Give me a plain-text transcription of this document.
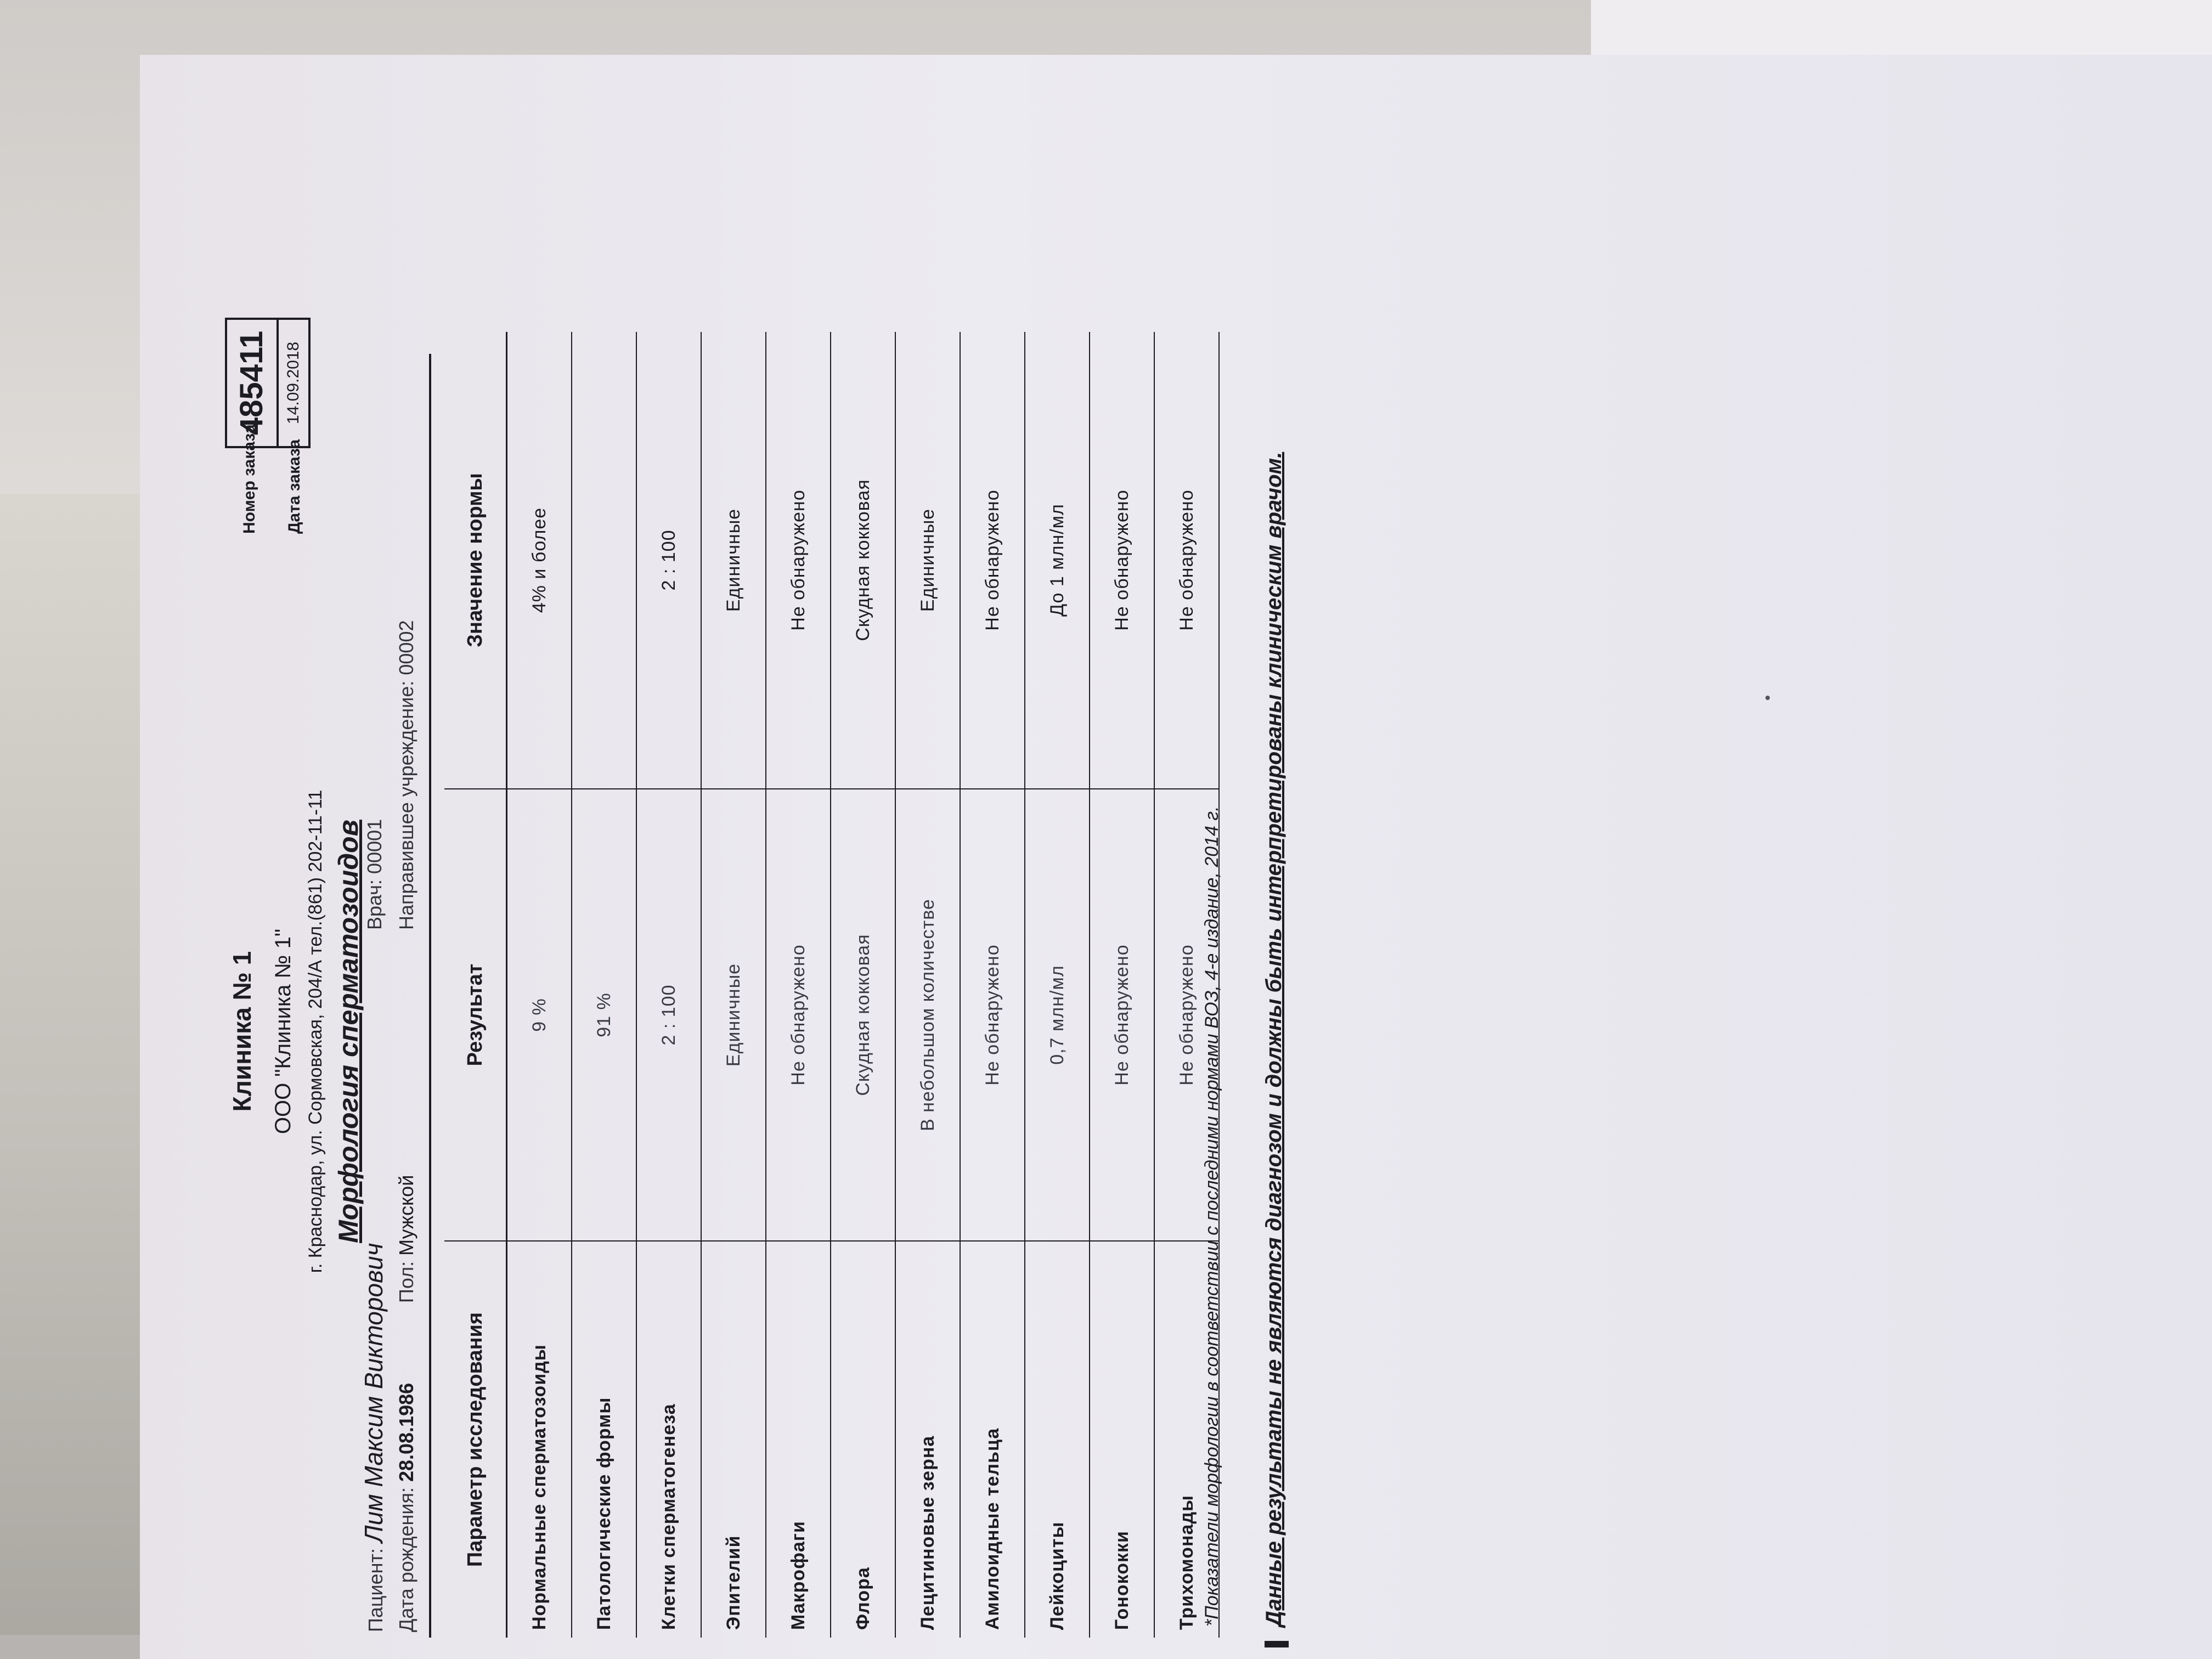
Клиника № 1 ООО "Клиника № 1" г. Краснодар, ул. Сормовская, 204/А тел.(861) 202-11-11 Морфология сперматозоидов
Номер заказа
485411
Дата заказа
14.09.2018
Пациент: Лим Максим Викторович
Врач: 00001
Дата рождения: 28.08.1986
Пол: Мужской
Направившее учреждение: 00002
Параметр исследования	Результат	Значение нормы
Нормальные сперматозоиды	9 %	4% и более
Патологические формы	91 %	
Клетки сперматогенеза	2 : 100	2 : 100
Эпителий	Единичные	Единичные
Макрофаги	Не обнаружено	Не обнаружено
Флора	Скудная кокковая	Скудная кокковая
Лецитиновые зерна	В небольшом количестве	Единичные
Амилоидные тельца	Не обнаружено	Не обнаружено
Лейкоциты	0,7 млн/мл	До 1 млн/мл
Гонококки	Не обнаружено	Не обнаружено
Трихомонады	Не обнаружено	Не обнаружено
*Показатели морфологии в соответствии с последними нормами ВОЗ, 4-е издание, 2014 г. Данные результаты не являются диагнозом и должны быть интерпретированы клиническим врачом.
